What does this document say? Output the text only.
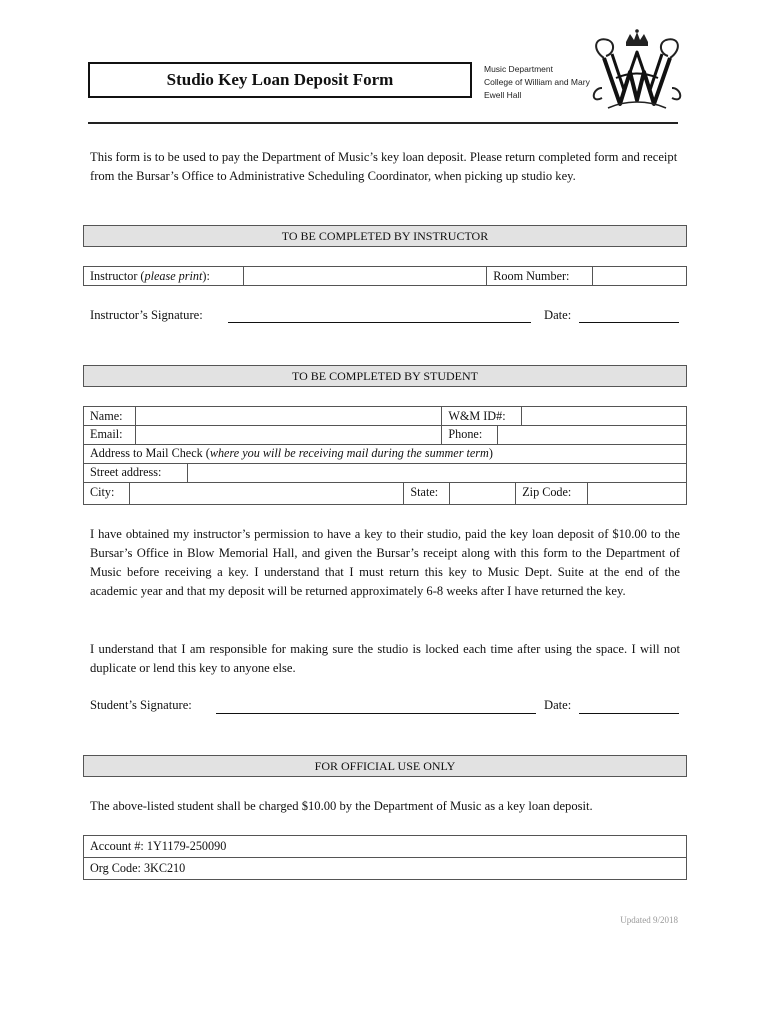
Studio Key Loan Deposit Form
Music Department
College of William and Mary
Ewell Hall
This form is to be used to pay the Department of Music’s key loan deposit. Please return completed form and receipt from the Bursar’s Office to Administrative Scheduling Coordinator, when picking up studio key.
TO BE COMPLETED BY INSTRUCTOR
Instructor (please print):		Room Number:	
Instructor’s Signature:	Date:
TO BE COMPLETED BY STUDENT
Name:		W&M ID#:	
Email:		Phone:	
Address to Mail Check (where you will be receiving mail during the summer term)
Street address:	
City:		State:		Zip Code:	
I have obtained my instructor’s permission to have a key to their studio, paid the key loan deposit of $10.00 to the Bursar’s Office in Blow Memorial Hall, and given the Bursar’s receipt along with this form to the Department of Music before receiving a key. I understand that I must return this key to Music Dept. Suite at the end of the academic year and that my deposit will be returned approximately 6-8 weeks after I have returned the key.
I understand that I am responsible for making sure the studio is locked each time after using the space. I will not duplicate or lend this key to anyone else.
Student’s Signature:	Date:
FOR OFFICIAL USE ONLY
The above-listed student shall be charged $10.00 by the Department of Music as a key loan deposit.
Account #: 1Y1179-250090
Org Code: 3KC210
Updated 9/2018
